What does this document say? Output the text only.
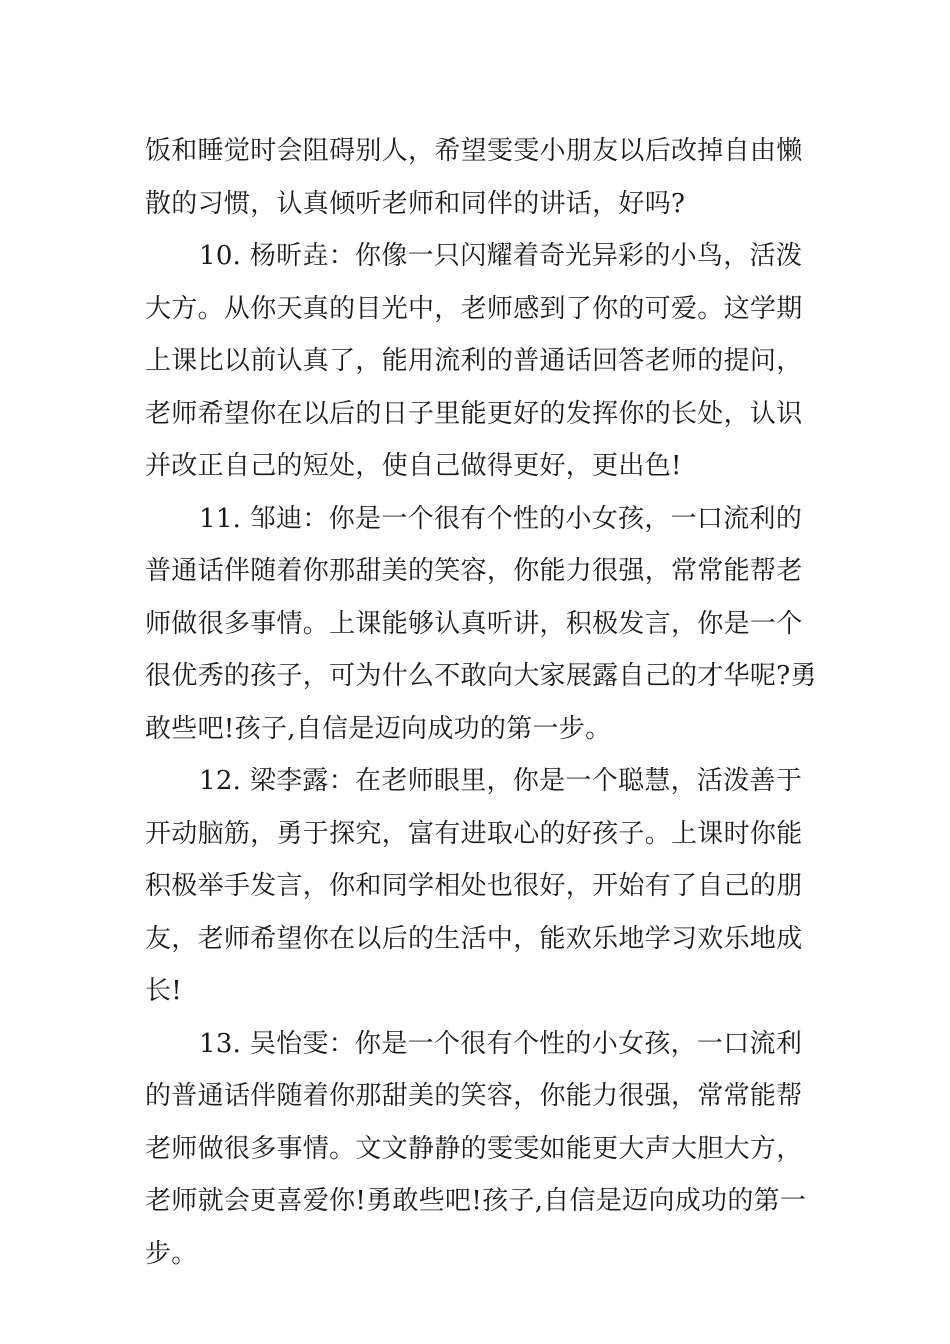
饭和睡觉时会阻碍别人，希望雯雯小朋友以后改掉自由懒
散的习惯，认真倾听老师和同伴的讲话，好吗?
10. 杨昕垚：你像一只闪耀着奇光异彩的小鸟，活泼
大方。从你天真的目光中，老师感到了你的可爱。这学期
上课比以前认真了，能用流利的普通话回答老师的提问，
老师希望你在以后的日子里能更好的发挥你的长处，认识
并改正自己的短处，使自己做得更好，更出色!
11. 邹迪：你是一个很有个性的小女孩，一口流利的
普通话伴随着你那甜美的笑容，你能力很强，常常能帮老
师做很多事情。上课能够认真听讲，积极发言，你是一个
很优秀的孩子，可为什么不敢向大家展露自己的才华呢?勇
敢些吧!孩子,自信是迈向成功的第一步。
12. 梁李露：在老师眼里，你是一个聪慧，活泼善于
开动脑筋，勇于探究，富有进取心的好孩子。上课时你能
积极举手发言，你和同学相处也很好，开始有了自己的朋
友，老师希望你在以后的生活中，能欢乐地学习欢乐地成
长!
13. 吴怡雯：你是一个很有个性的小女孩，一口流利
的普通话伴随着你那甜美的笑容，你能力很强，常常能帮
老师做很多事情。文文静静的雯雯如能更大声大胆大方，
老师就会更喜爱你!勇敢些吧!孩子,自信是迈向成功的第一
步。
